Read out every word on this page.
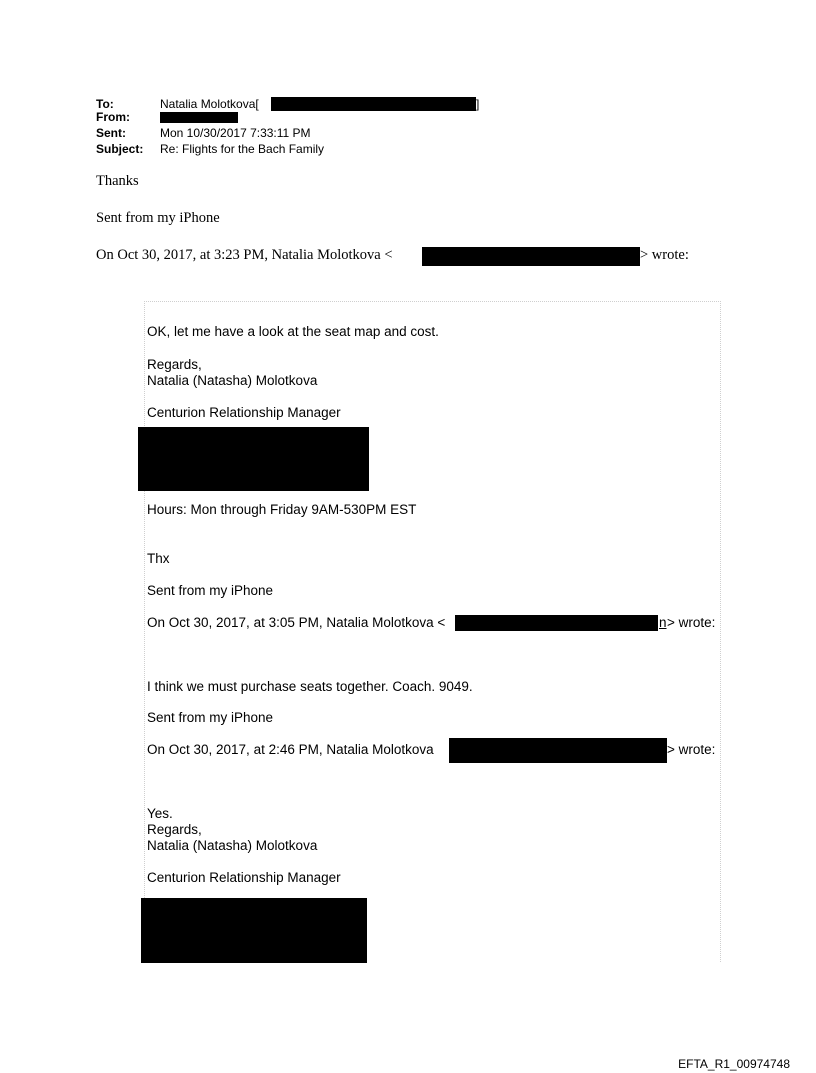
To:	Natalia Molotkova[	]
From:
Sent:	Mon 10/30/2017 7:33:11 PM
Subject: Re: Flights for the Bach Family
Thanks
Sent from my iPhone
On Oct 30, 2017, at 3:23 PM, Natalia Molotkova <	> wrote:
OK, let me have a look at the seat map and cost.
Regards,
Natalia (Natasha) Molotkova
Centurion Relationship Manager
Hours: Mon through Friday 9AM-530PM EST
Thx
Sent from my iPhone
On Oct 30, 2017, at 3:05 PM, Natalia Molotkova <	n > wrote:
I think we must purchase seats together. Coach. 9049.
Sent from my iPhone
On Oct 30, 2017, at 2:46 PM, Natalia Molotkova	> wrote:
Yes.
Regards,
Natalia (Natasha) Molotkova
Centurion Relationship Manager
EFTA_R1_00974748
